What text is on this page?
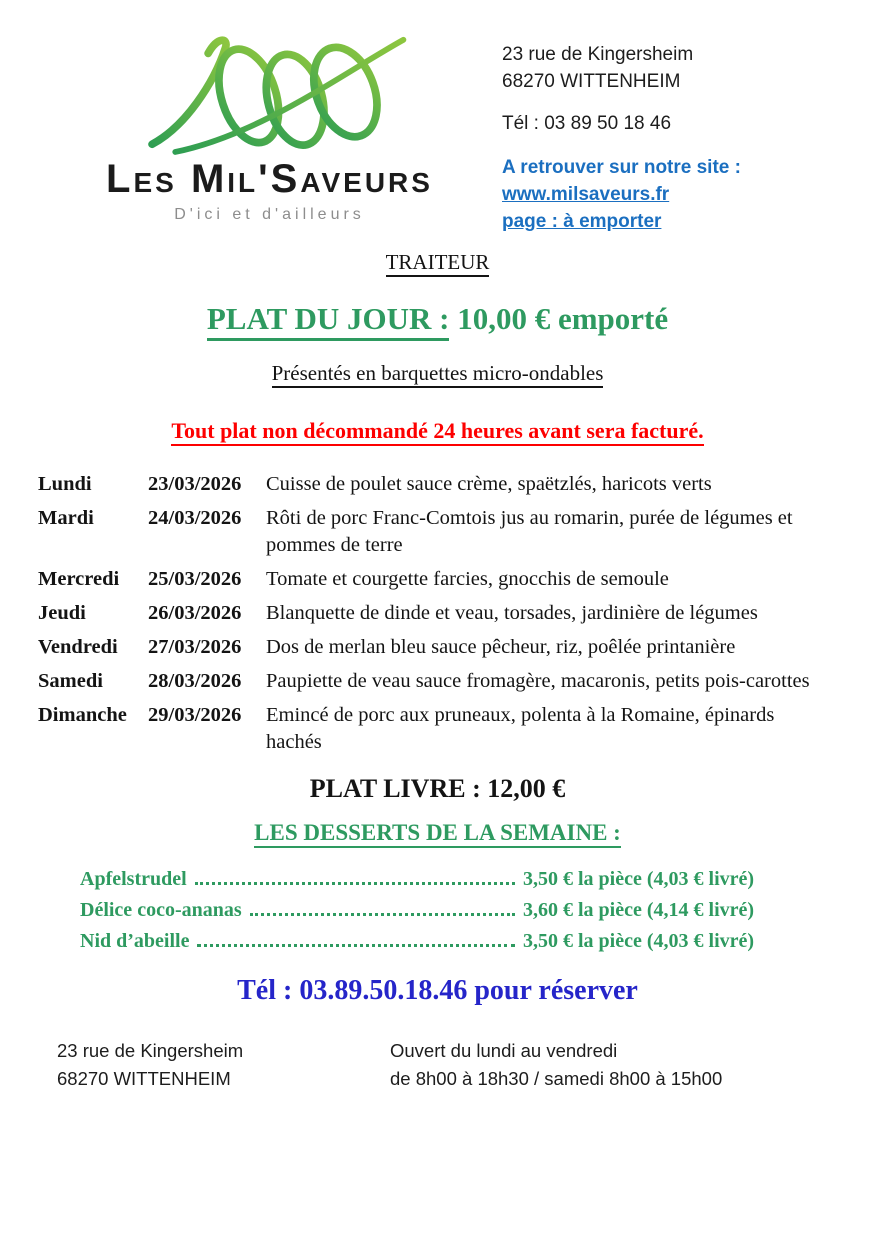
Les Mil'Saveurs
D'ici et d'ailleurs
23 rue de Kingersheim
68270 WITTENHEIM
Tél : 03 89 50 18 46
A retrouver sur notre site :
www.milsaveurs.fr
page : à emporter
TRAITEUR
PLAT DU JOUR : 10,00 € emporté
Présentés en barquettes micro-ondables
Tout plat non décommandé 24 heures avant sera facturé.
Lundi	23/03/2026	Cuisse de poulet sauce crème, spaëtzlés, haricots verts
Mardi	24/03/2026	Rôti de porc Franc-Comtois jus au romarin, purée de légumes et pommes de terre
Mercredi	25/03/2026	Tomate et courgette farcies, gnocchis de semoule
Jeudi	26/03/2026	Blanquette de dinde et veau, torsades, jardinière de légumes
Vendredi	27/03/2026	Dos de merlan bleu sauce pêcheur, riz, poêlée printanière
Samedi	28/03/2026	Paupiette de veau sauce fromagère, macaronis, petits pois-carottes
Dimanche	29/03/2026	Emincé de porc aux pruneaux, polenta à la Romaine, épinards hachés
PLAT LIVRE : 12,00 €
LES DESSERTS DE LA SEMAINE :
Apfelstrudel	3,50 € la pièce (4,03 € livré)
Délice coco-ananas	3,60 € la pièce (4,14 € livré)
Nid d’abeille	3,50 € la pièce (4,03 € livré)
Tél : 03.89.50.18.46 pour réserver
23 rue de Kingersheim
68270 WITTENHEIM
Ouvert du lundi au vendredi
de 8h00 à 18h30 / samedi 8h00 à 15h00
